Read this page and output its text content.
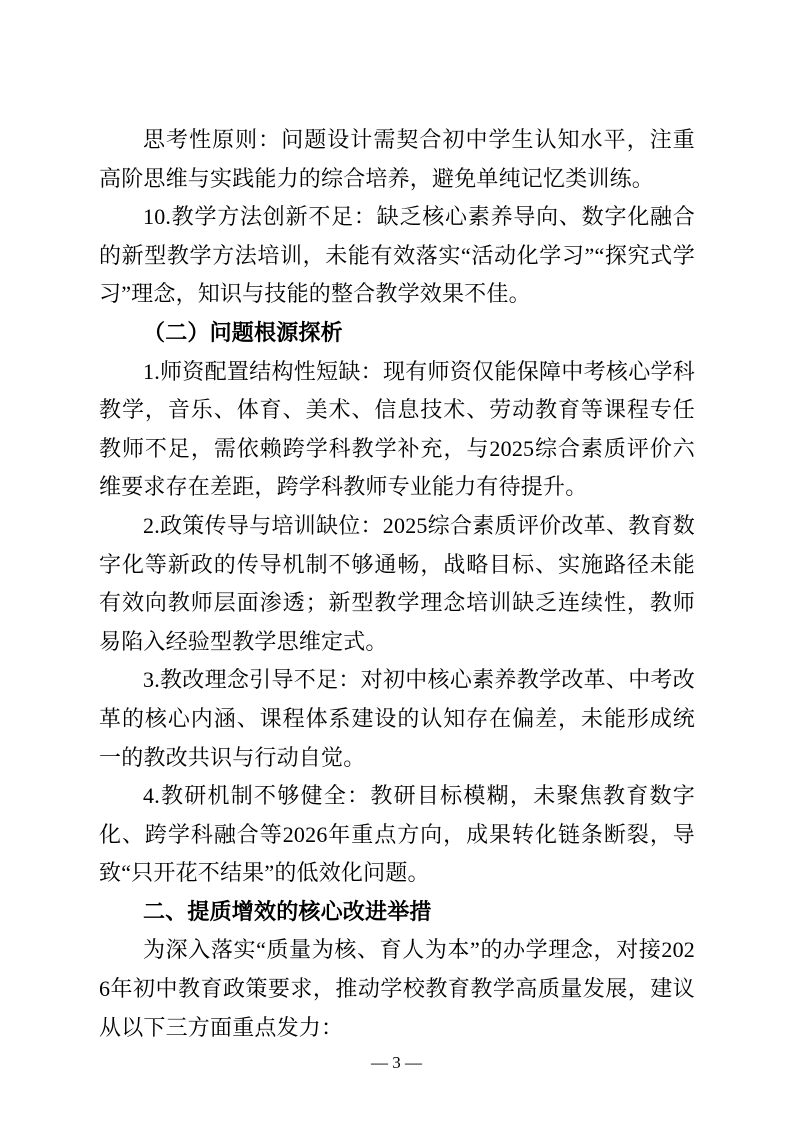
思考性原则：问题设计需契合初中学生认知水平，注重高阶思维与实践能力的综合培养，避免单纯记忆类训练。

10.教学方法创新不足：缺乏核心素养导向、数字化融合的新型教学方法培训，未能有效落实“活动化学习”“探究式学习”理念，知识与技能的整合教学效果不佳。

（二）问题根源探析

1.师资配置结构性短缺：现有师资仅能保障中考核心学科教学，音乐、体育、美术、信息技术、劳动教育等课程专任教师不足，需依赖跨学科教学补充，与2025综合素质评价六维要求存在差距，跨学科教师专业能力有待提升。

2.政策传导与培训缺位：2025综合素质评价改革、教育数字化等新政的传导机制不够通畅，战略目标、实施路径未能有效向教师层面渗透；新型教学理念培训缺乏连续性，教师易陷入经验型教学思维定式。

3.教改理念引导不足：对初中核心素养教学改革、中考改革的核心内涵、课程体系建设的认知存在偏差，未能形成统一的教改共识与行动自觉。

4.教研机制不够健全：教研目标模糊，未聚焦教育数字化、跨学科融合等2026年重点方向，成果转化链条断裂，导致“只开花不结果”的低效化问题。

二、提质增效的核心改进举措

为深入落实“质量为核、育人为本”的办学理念，对接2026年初中教育政策要求，推动学校教育教学高质量发展，建议从以下三方面重点发力：

— 3 —
